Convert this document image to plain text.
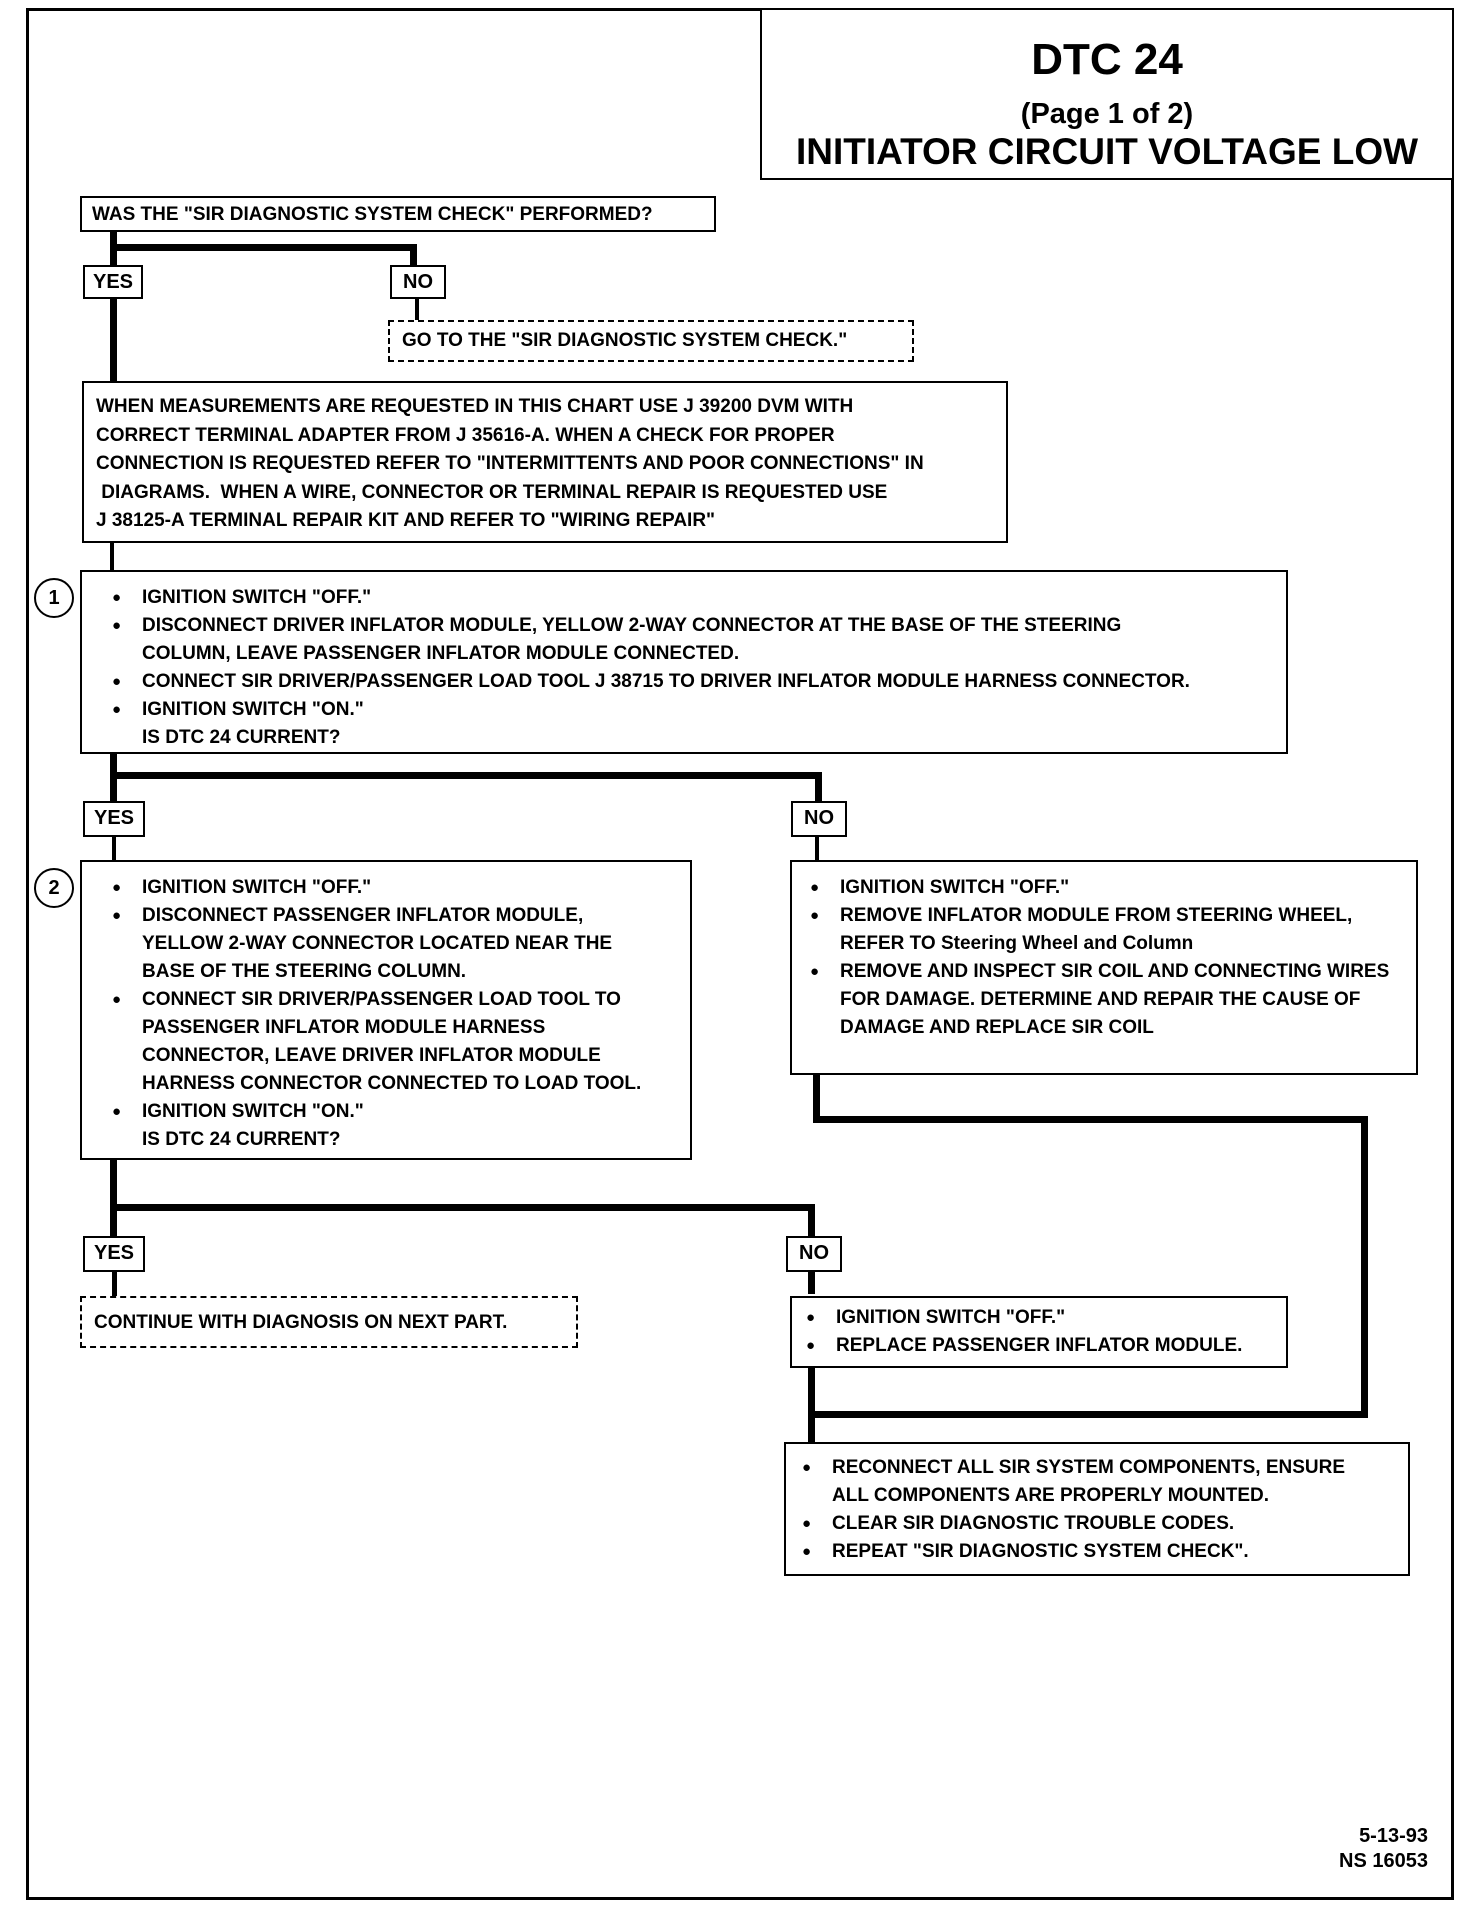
DTC 24
(Page 1 of 2)
INITIATOR CIRCUIT VOLTAGE LOW
WAS THE "SIR DIAGNOSTIC SYSTEM CHECK" PERFORMED?
YES	NO
GO TO THE "SIR DIAGNOSTIC SYSTEM CHECK."
WHEN MEASUREMENTS ARE REQUESTED IN THIS CHART USE J 39200 DVM WITH
CORRECT TERMINAL ADAPTER FROM J 35616-A. WHEN A CHECK FOR PROPER
CONNECTION IS REQUESTED REFER TO "INTERMITTENTS AND POOR CONNECTIONS" IN
DIAGRAMS.  WHEN A WIRE, CONNECTOR OR TERMINAL REPAIR IS REQUESTED USE
J 38125-A TERMINAL REPAIR KIT AND REFER TO "WIRING REPAIR"
1	● IGNITION SWITCH "OFF."
● DISCONNECT DRIVER INFLATOR MODULE, YELLOW 2-WAY CONNECTOR AT THE BASE OF THE STEERING COLUMN, LEAVE PASSENGER INFLATOR MODULE CONNECTED.
● CONNECT SIR DRIVER/PASSENGER LOAD TOOL J 38715 TO DRIVER INFLATOR MODULE HARNESS CONNECTOR.
● IGNITION SWITCH "ON."
IS DTC 24 CURRENT?
YES	NO
2	● IGNITION SWITCH "OFF."
● DISCONNECT PASSENGER INFLATOR MODULE, YELLOW 2-WAY CONNECTOR LOCATED NEAR THE BASE OF THE STEERING COLUMN.
● CONNECT SIR DRIVER/PASSENGER LOAD TOOL TO PASSENGER INFLATOR MODULE HARNESS CONNECTOR, LEAVE DRIVER INFLATOR MODULE HARNESS CONNECTOR CONNECTED TO LOAD TOOL.
● IGNITION SWITCH "ON."
IS DTC 24 CURRENT?
● IGNITION SWITCH "OFF."
● REMOVE INFLATOR MODULE FROM STEERING WHEEL, REFER TO Steering Wheel and Column
● REMOVE AND INSPECT SIR COIL AND CONNECTING WIRES FOR DAMAGE. DETERMINE AND REPAIR THE CAUSE OF DAMAGE AND REPLACE SIR COIL
YES	NO
CONTINUE WITH DIAGNOSIS ON NEXT PART.	● IGNITION SWITCH "OFF."
● REPLACE PASSENGER INFLATOR MODULE.
● RECONNECT ALL SIR SYSTEM COMPONENTS, ENSURE ALL COMPONENTS ARE PROPERLY MOUNTED.
● CLEAR SIR DIAGNOSTIC TROUBLE CODES.
● REPEAT "SIR DIAGNOSTIC SYSTEM CHECK".
5-13-93
NS 16053
